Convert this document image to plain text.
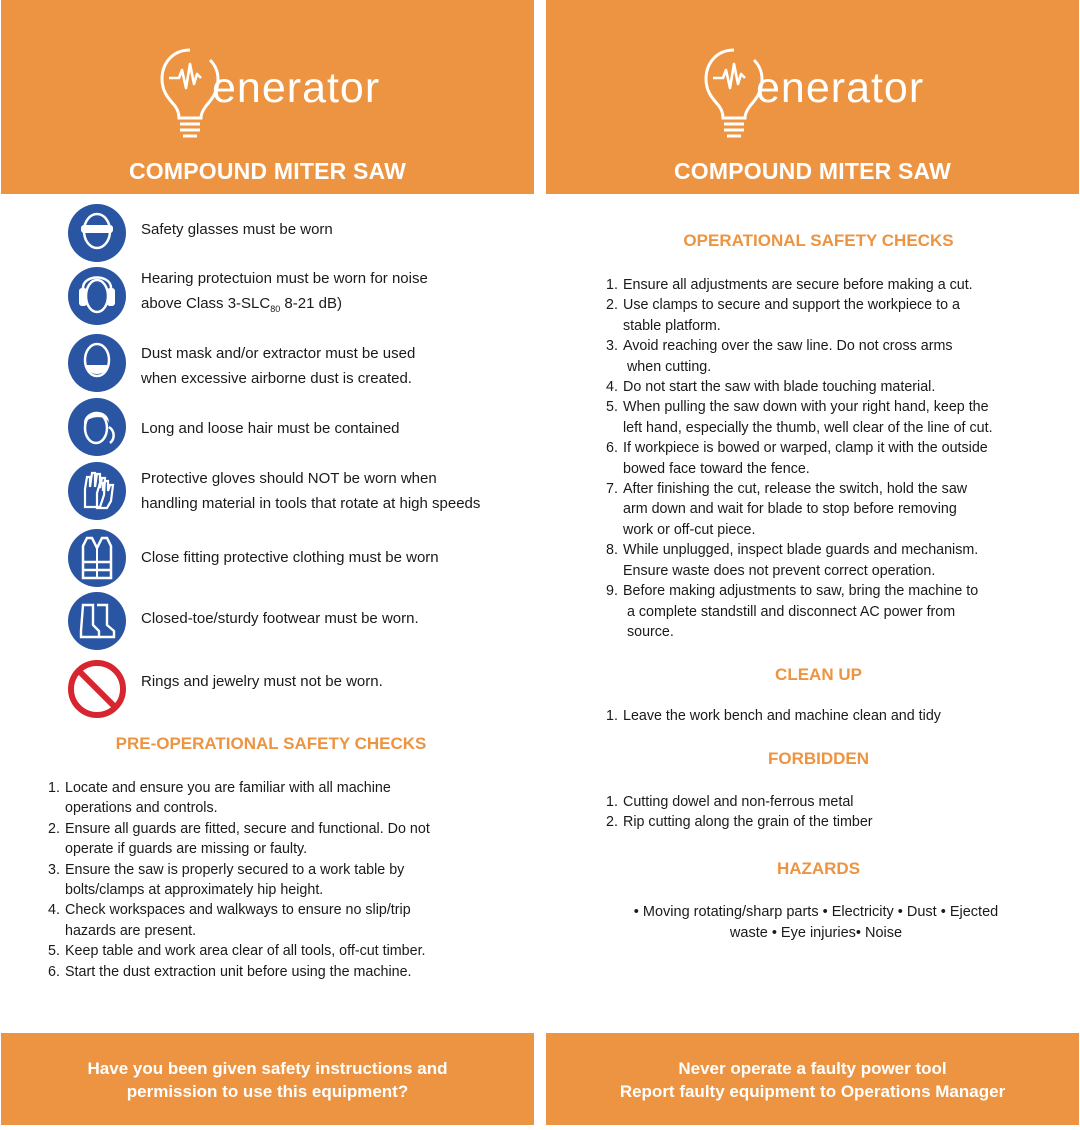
enerator
COMPOUND MITER SAW
Safety glasses must be worn
Hearing protectuion must be worn for noise
above Class $3-SLC_{80}$ 8-21 dB)
Dust mask and/or extractor must be used
when excessive airborne dust is created.
Long and loose hair must be contained
Protective gloves should NOT be worn when
handling material in tools that rotate at high speeds
Close fitting protective clothing must be worn
Closed-toe/sturdy footwear must be worn.
Rings and jewelry must not be worn.
PRE-OPERATIONAL SAFETY CHECKS
1. Locate and ensure you are familiar with all machine
operations and controls.
2. Ensure all guards are fitted, secure and functional. Do not
operate if guards are missing or faulty.
3. Ensure the saw is properly secured to a work table by
bolts/clamps at approximately hip height.
4. Check workspaces and walkways to ensure no slip/trip
hazards are present.
5. Keep table and work area clear of all tools, off-cut timber.
6. Start the dust extraction unit before using the machine.
Have you been given safety instructions and
permission to use this equipment?
enerator
COMPOUND MITER SAW
OPERATIONAL SAFETY CHECKS
1. Ensure all adjustments are secure before making a cut.
2. Use clamps to secure and support the workpiece to a
stable platform.
3. Avoid reaching over the saw line. Do not cross arms
when cutting.
4. Do not start the saw with blade touching material.
5. When pulling the saw down with your right hand, keep the
left hand, especially the thumb, well clear of the line of cut.
6. If workpiece is bowed or warped, clamp it with the outside
bowed face toward the fence.
7. After finishing the cut, release the switch, hold the saw
arm down and wait for blade to stop before removing
work or off-cut piece.
8. While unplugged, inspect blade guards and mechanism.
Ensure waste does not prevent correct operation.
9. Before making adjustments to saw, bring the machine to
a complete standstill and disconnect AC power from
source.
CLEAN UP
1. Leave the work bench and machine clean and tidy
FORBIDDEN
1. Cutting dowel and non-ferrous metal
2. Rip cutting along the grain of the timber
HAZARDS
• Moving rotating/sharp parts • Electricity • Dust • Ejected
waste • Eye injuries• Noise
Never operate a faulty power tool
Report faulty equipment to Operations Manager
